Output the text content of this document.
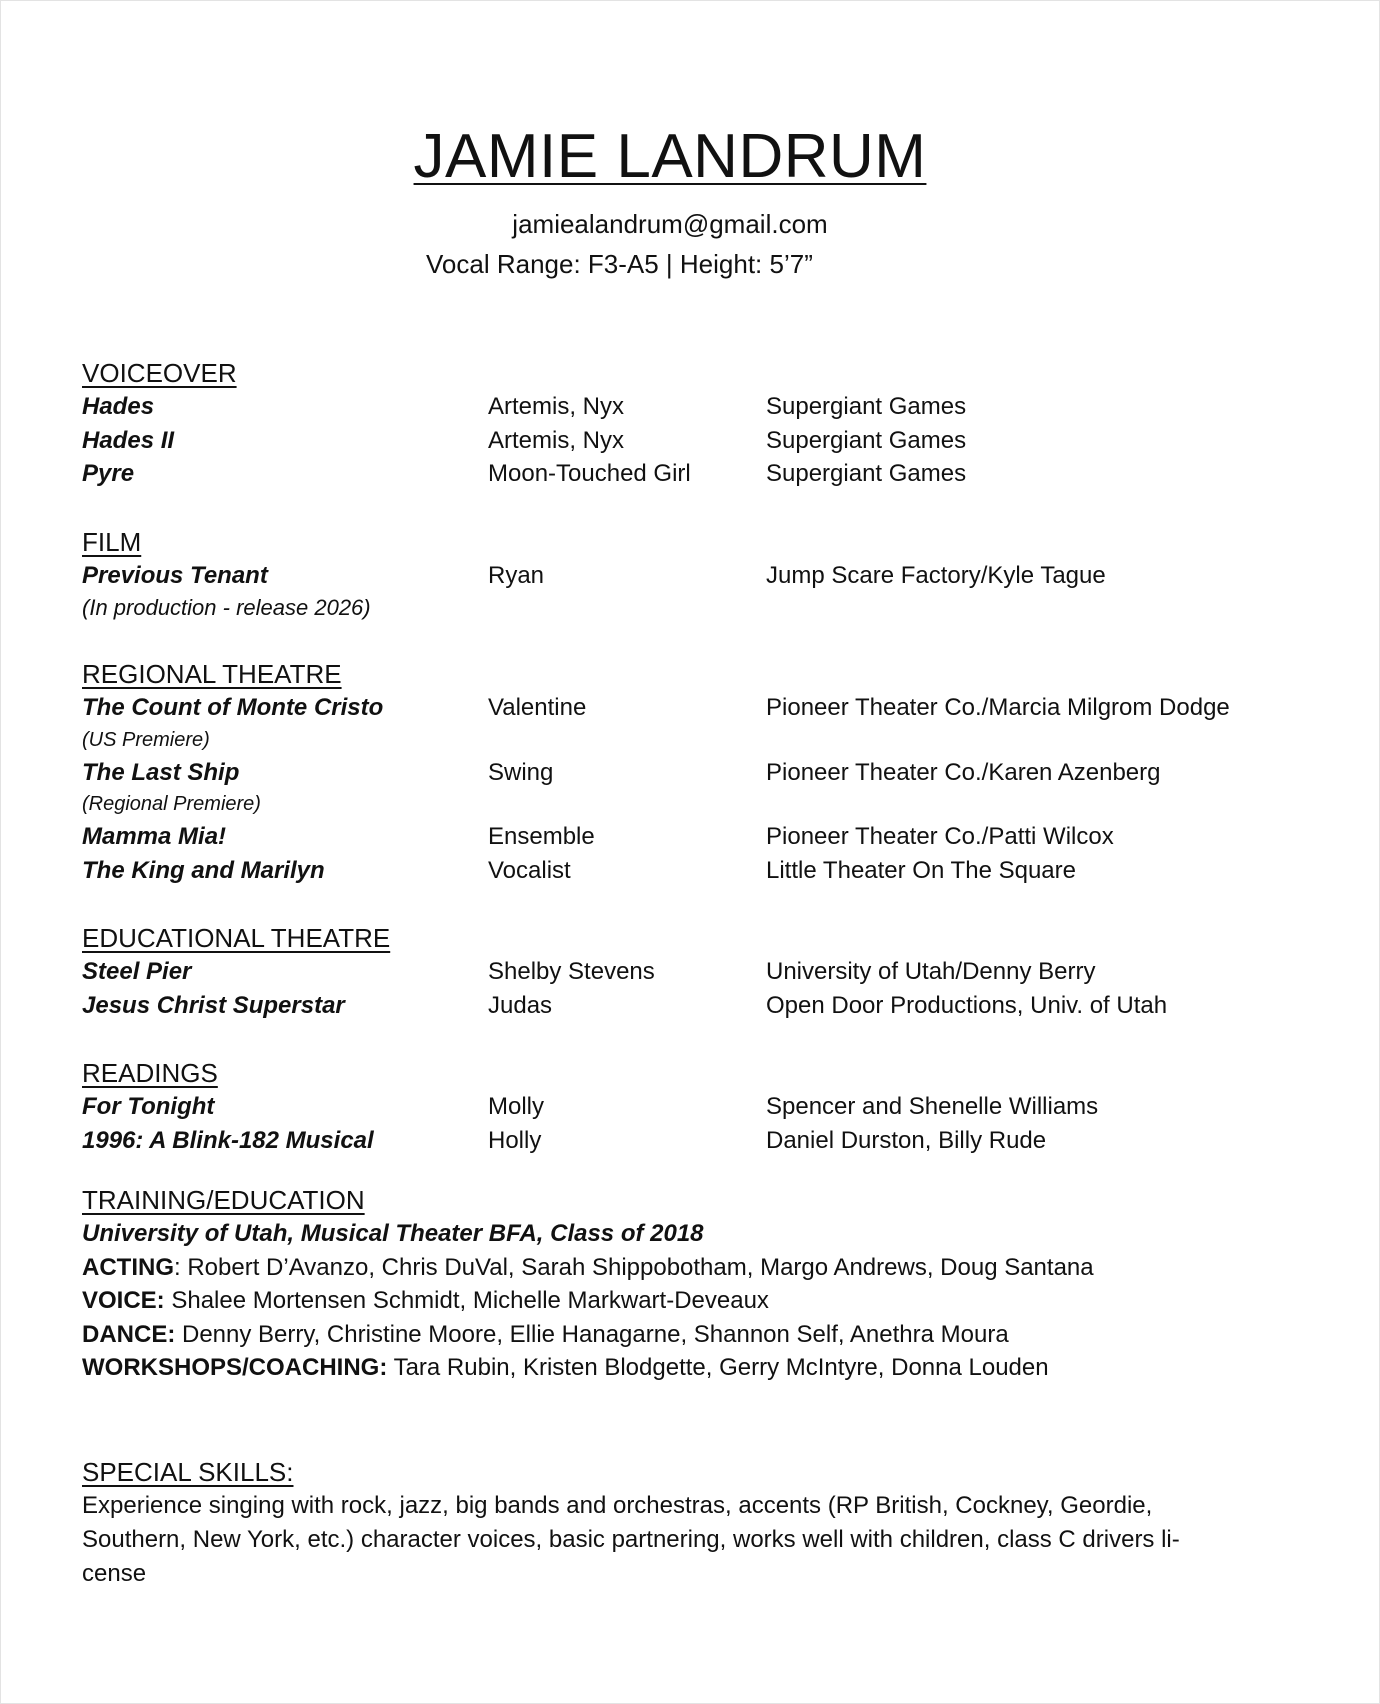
JAMIE LANDRUM
jamiealandrum@gmail.com
Vocal Range: F3-A5 | Height: 5’7”
VOICEOVER
Hades	Artemis, Nyx	Supergiant Games
Hades II	Artemis, Nyx	Supergiant Games
Pyre	Moon-Touched Girl	Supergiant Games
FILM
Previous Tenant	Ryan	Jump Scare Factory/Kyle Tague
(In production - release 2026)
REGIONAL THEATRE
The Count of Monte Cristo	Valentine	Pioneer Theater Co./Marcia Milgrom Dodge
(US Premiere)
The Last Ship	Swing	Pioneer Theater Co./Karen Azenberg
(Regional Premiere)
Mamma Mia!	Ensemble	Pioneer Theater Co./Patti Wilcox
The King and Marilyn	Vocalist	Little Theater On The Square
EDUCATIONAL THEATRE
Steel Pier	Shelby Stevens	University of Utah/Denny Berry
Jesus Christ Superstar	Judas	Open Door Productions, Univ. of Utah
READINGS
For Tonight	Molly	Spencer and Shenelle Williams
1996: A Blink-182 Musical	Holly	Daniel Durston, Billy Rude
TRAINING/EDUCATION
University of Utah, Musical Theater BFA, Class of 2018
ACTING: Robert D’Avanzo, Chris DuVal, Sarah Shippobotham, Margo Andrews, Doug Santana
VOICE: Shalee Mortensen Schmidt, Michelle Markwart-Deveaux
DANCE: Denny Berry, Christine Moore, Ellie Hanagarne, Shannon Self, Anethra Moura
WORKSHOPS/COACHING: Tara Rubin, Kristen Blodgette, Gerry McIntyre, Donna Louden
SPECIAL SKILLS:
Experience singing with rock, jazz, big bands and orchestras, accents (RP British, Cockney, Geordie, Southern, New York, etc.) character voices, basic partnering, works well with children, class C drivers li- cense
